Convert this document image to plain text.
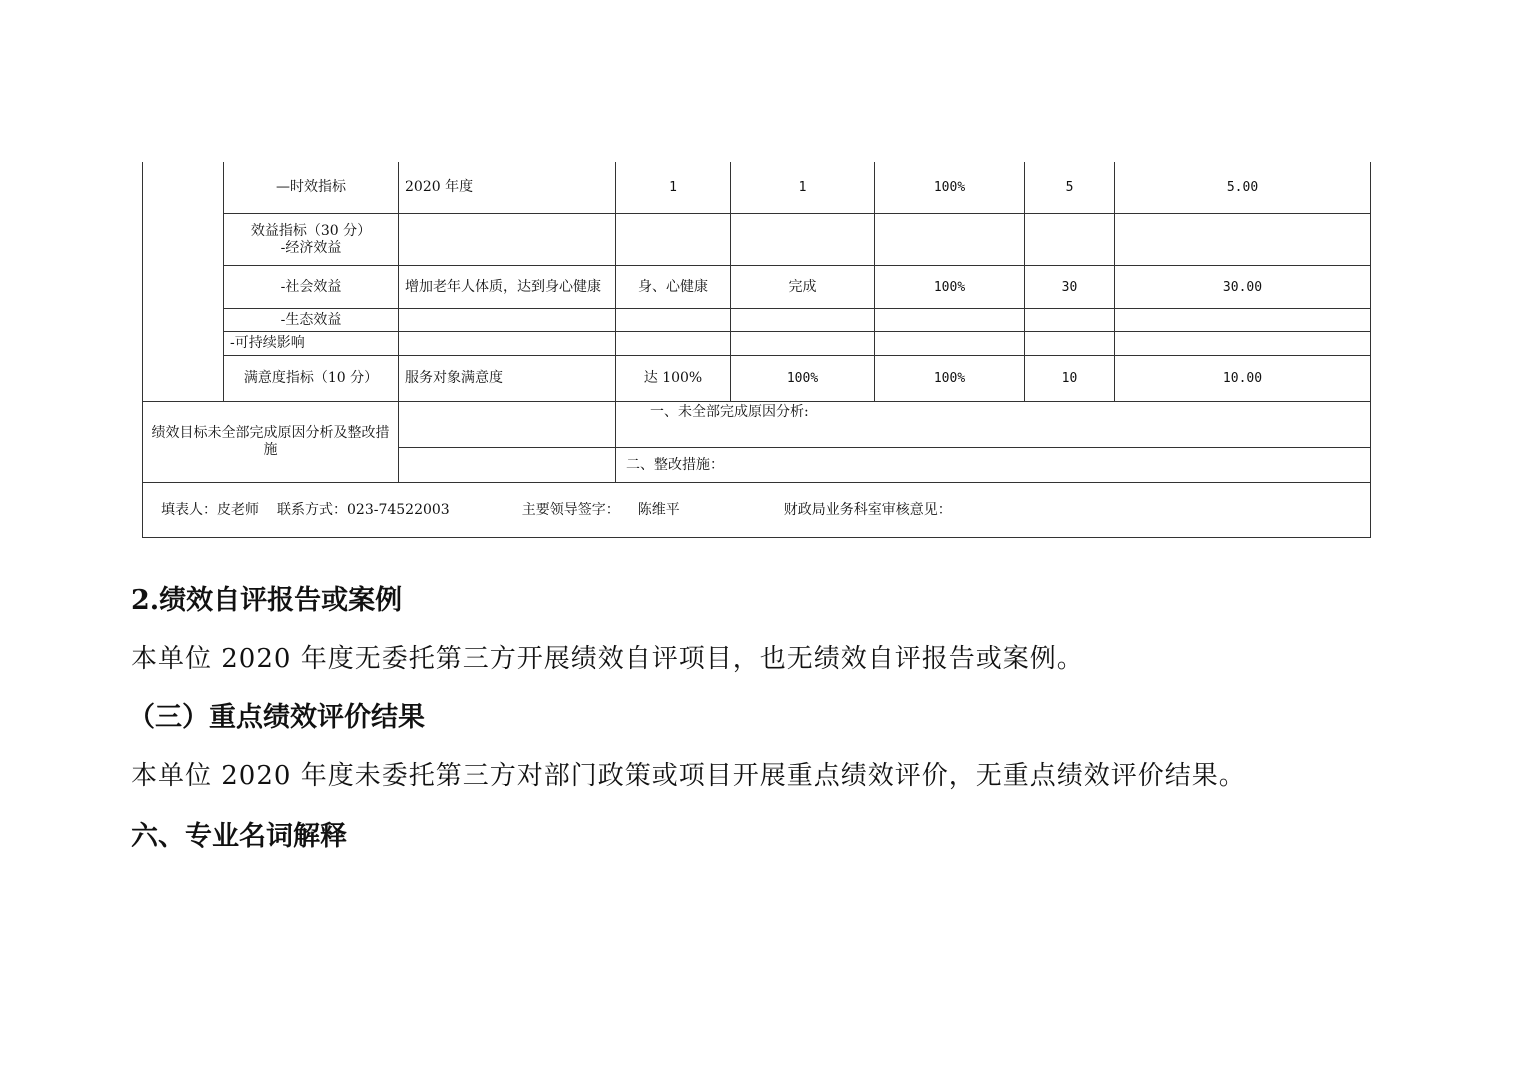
	—时效指标	2020 年度	1	1	100%	5	5.00

	效益指标（30 分）
-经济效益						

	-社会效益	增加老年人体质，达到身心健康	身、心健康	完成	100%	30	30.00
	-生态效益						
	-可持续影响						
	满意度指标（10 分）	服务对象满意度	达 100%	100%	100%	10	10.00
绩效目标未全部完成原因分析及整改措施			一、未全部完成原因分析:				
			二、整改措施：				
填表人：皮老师 联系方式：023-74522003 主要领导签字： 陈维平 财政局业务科室审核意见：							
2.绩效自评报告或案例

本单位 2020 年度无委托第三方开展绩效自评项目，也无绩效自评报告或案例。

（三）重点绩效评价结果

本单位 2020 年度未委托第三方对部门政策或项目开展重点绩效评价，无重点绩效评价结果。

六、专业名词解释
